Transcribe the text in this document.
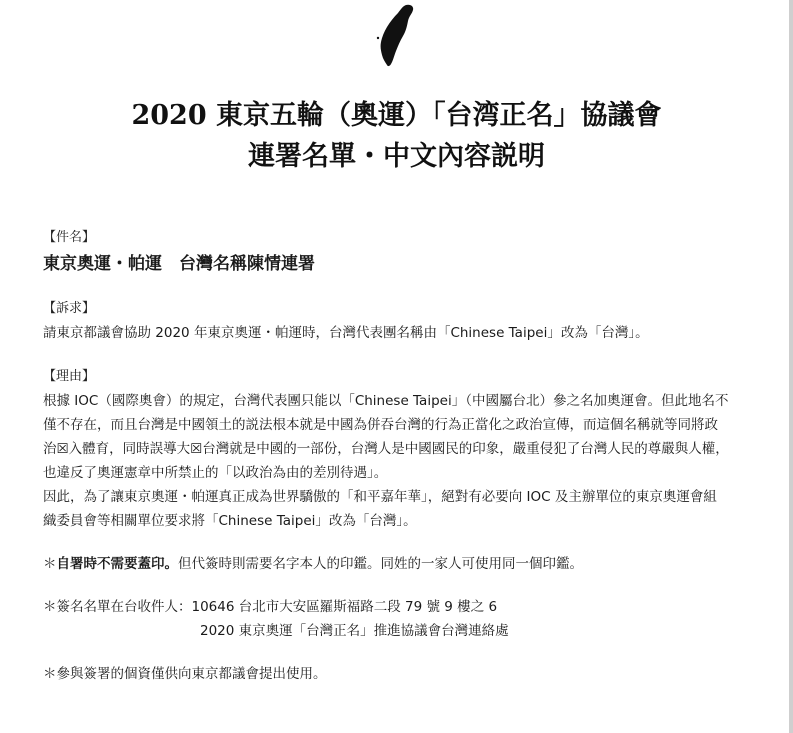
2020 東京五輪（奧運）「台湾正名」協議會
連署名單・中文內容説明
【件名】
東京奧運・帕運　台灣名稱陳情連署
【訴求】
請東京都議會協助 2020 年東京奧運・帕運時，台灣代表團名稱由「Chinese Taipei」改為「台灣」。
【理由】
根據 IOC（國際奧會）的規定，台灣代表團只能以「Chinese Taipei」（中國屬台北）參之名加奧運會。但此地名不
僅不存在，而且台灣是中國領土的説法根本就是中國為併吞台灣的行為正當化之政治宣傳，而這個名稱就等同將政
治☒入體育，同時誤導大☒台灣就是中國的一部份，台灣人是中國國民的印象，嚴重侵犯了台灣人民的尊嚴與人權，
也違反了奧運憲章中所禁止的「以政治為由的差別待遇」。
因此，為了讓東京奧運・帕運真正成為世界驕傲的「和平嘉年華」，絕對有必要向 IOC 及主辦單位的東京奧運會組
織委員會等相關單位要求將「Chinese Taipei」改為「台灣」。
＊自署時不需要蓋印。但代簽時則需要名字本人的印鑑。同姓的一家人可使用同一個印鑑。
＊簽名名單在台收件人：10646 台北市大安區羅斯福路二段 79 號 9 樓之 6
2020 東京奧運「台灣正名」推進協議會台灣連絡處
＊參與簽署的個資僅供向東京都議會提出使用。
